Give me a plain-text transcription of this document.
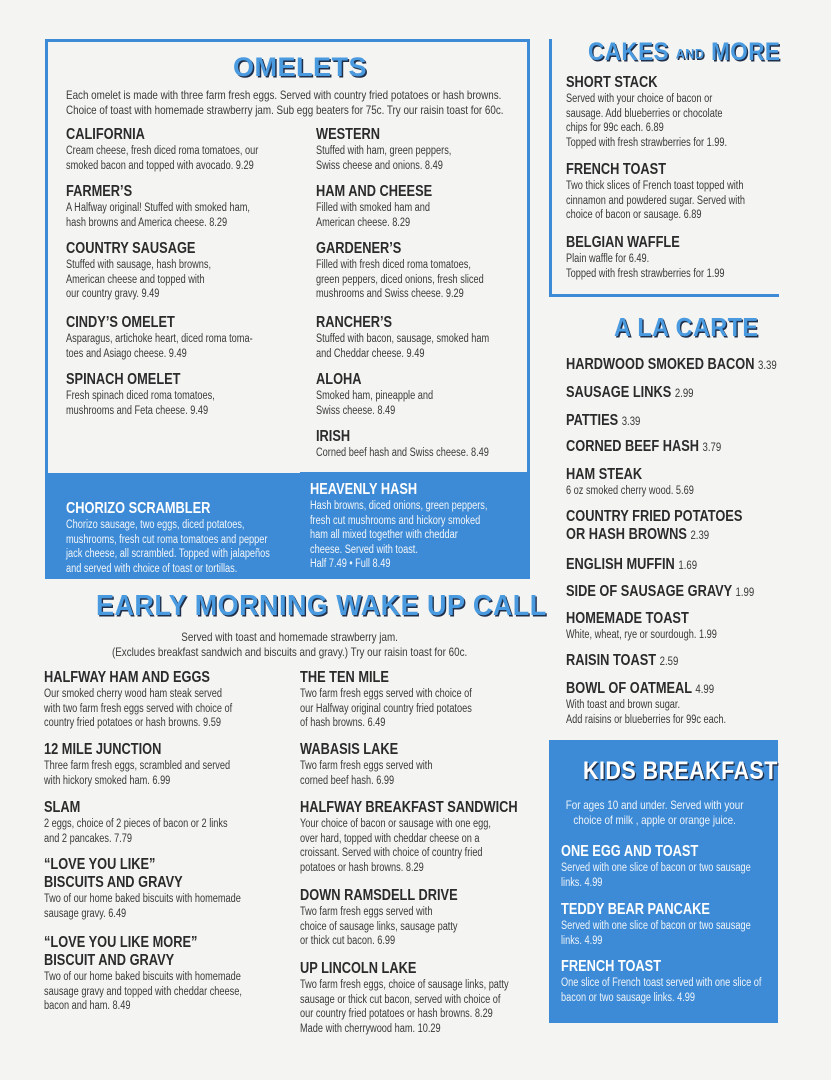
OMELETS
Each omelet is made with three farm fresh eggs. Served with country fried potatoes or hash browns.
Choice of toast with homemade strawberry jam. Sub egg beaters for 75c. Try our raisin toast for 60c.
CALIFORNIA
Cream cheese, fresh diced roma tomatoes, our
smoked bacon and topped with avocado. 9.29
FARMER’S
A Halfway original! Stuffed with smoked ham,
hash browns and America cheese. 8.29
COUNTRY SAUSAGE
Stuffed with sausage, hash browns,
American cheese and topped with
our country gravy. 9.49
CINDY’S OMELET
Asparagus, artichoke heart, diced roma toma-
toes and Asiago cheese. 9.49
SPINACH OMELET
Fresh spinach diced roma tomatoes,
mushrooms and Feta cheese. 9.49
WESTERN
Stuffed with ham, green peppers,
Swiss cheese and onions. 8.49
HAM AND CHEESE
Filled with smoked ham and
American cheese. 8.29
GARDENER’S
Filled with fresh diced roma tomatoes,
green peppers, diced onions, fresh sliced
mushrooms and Swiss cheese. 9.29
RANCHER’S
Stuffed with bacon, sausage, smoked ham
and Cheddar cheese. 9.49
ALOHA
Smoked ham, pineapple and
Swiss cheese. 8.49
IRISH
Corned beef hash and Swiss cheese. 8.49
CHORIZO SCRAMBLER
Chorizo sausage, two eggs, diced potatoes,
mushrooms, fresh cut roma tomatoes and pepper
jack cheese, all scrambled. Topped with jalapeños
and served with choice of toast or tortillas.
HEAVENLY HASH
Hash browns, diced onions, green peppers,
fresh cut mushrooms and hickory smoked
ham all mixed together with cheddar
cheese. Served with toast.
Half 7.49 • Full 8.49
EARLY MORNING WAKE UP CALL
Served with toast and homemade strawberry jam.
(Excludes breakfast sandwich and biscuits and gravy.) Try our raisin toast for 60c.
HALFWAY HAM AND EGGS
Our smoked cherry wood ham steak served
with two farm fresh eggs served with choice of
country fried potatoes or hash browns. 9.59
12 MILE JUNCTION
Three farm fresh eggs, scrambled and served
with hickory smoked ham. 6.99
SLAM
2 eggs, choice of 2 pieces of bacon or 2 links
and 2 pancakes. 7.79
“LOVE YOU LIKE”
BISCUITS AND GRAVY
Two of our home baked biscuits with homemade
sausage gravy. 6.49
“LOVE YOU LIKE MORE”
BISCUIT AND GRAVY
Two of our home baked biscuits with homemade
sausage gravy and topped with cheddar cheese,
bacon and ham. 8.49
THE TEN MILE
Two farm fresh eggs served with choice of
our Halfway original country fried potatoes
of hash browns. 6.49
WABASIS LAKE
Two farm fresh eggs served with
corned beef hash. 6.99
HALFWAY BREAKFAST SANDWICH
Your choice of bacon or sausage with one egg,
over hard, topped with cheddar cheese on a
croissant. Served with choice of country fried
potatoes or hash browns. 8.29
DOWN RAMSDELL DRIVE
Two farm fresh eggs served with
choice of sausage links, sausage patty
or thick cut bacon. 6.99
UP LINCOLN LAKE
Two farm fresh eggs, choice of sausage links, patty
sausage or thick cut bacon, served with choice of
our country fried potatoes or hash browns. 8.29
Made with cherrywood ham. 10.29
CAKES AND MORE
SHORT STACK
Served with your choice of bacon or
sausage. Add blueberries or chocolate
chips for 99c each. 6.89
Topped with fresh strawberries for 1.99.
FRENCH TOAST
Two thick slices of French toast topped with
cinnamon and powdered sugar. Served with
choice of bacon or sausage. 6.89
BELGIAN WAFFLE
Plain waffle for 6.49.
Topped with fresh strawberries for 1.99
A LA CARTE
HARDWOOD SMOKED BACON 3.39
SAUSAGE LINKS 2.99
PATTIES 3.39
CORNED BEEF HASH 3.79
HAM STEAK
6 oz smoked cherry wood. 5.69
COUNTRY FRIED POTATOES
OR HASH BROWNS 2.39
ENGLISH MUFFIN 1.69
SIDE OF SAUSAGE GRAVY 1.99
HOMEMADE TOAST
White, wheat, rye or sourdough. 1.99
RAISIN TOAST 2.59
BOWL OF OATMEAL 4.99
With toast and brown sugar.
Add raisins or blueberries for 99c each.
KIDS BREAKFAST
For ages 10 and under. Served with your
choice of milk , apple or orange juice.
ONE EGG AND TOAST
Served with one slice of bacon or two sausage
links. 4.99
TEDDY BEAR PANCAKE
Served with one slice of bacon or two sausage
links. 4.99
FRENCH TOAST
One slice of French toast served with one slice of
bacon or two sausage links. 4.99
